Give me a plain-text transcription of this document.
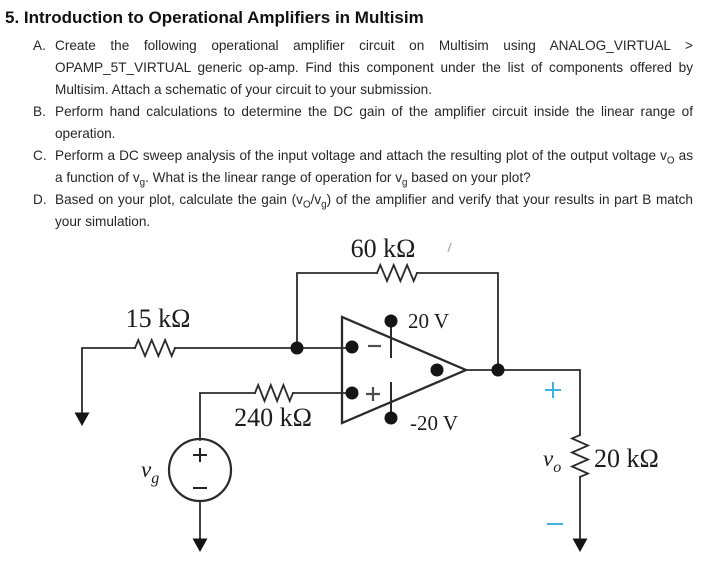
5. Introduction to Operational Amplifiers in Multisim
A. Create the following operational amplifier circuit on Multisim using ANALOG_VIRTUAL > OPAMP_5T_VIRTUAL generic op-amp. Find this component under the list of components offered by Multisim. Attach a schematic of your circuit to your submission.
B. Perform hand calculations to determine the DC gain of the amplifier circuit inside the linear range of operation.
C. Perform a DC sweep analysis of the input voltage and attach the resulting plot of the output voltage $v_O$ as a function of $v_g$. What is the linear range of operation for $v_g$ based on your plot?
D. Based on your plot, calculate the gain $(v_O/v_g)$ of the amplifier and verify that your results in part B match your simulation.
60 kΩ
15 kΩ
240 kΩ
20 kΩ
20 V
-20 V
$v_g$
$v_o$
